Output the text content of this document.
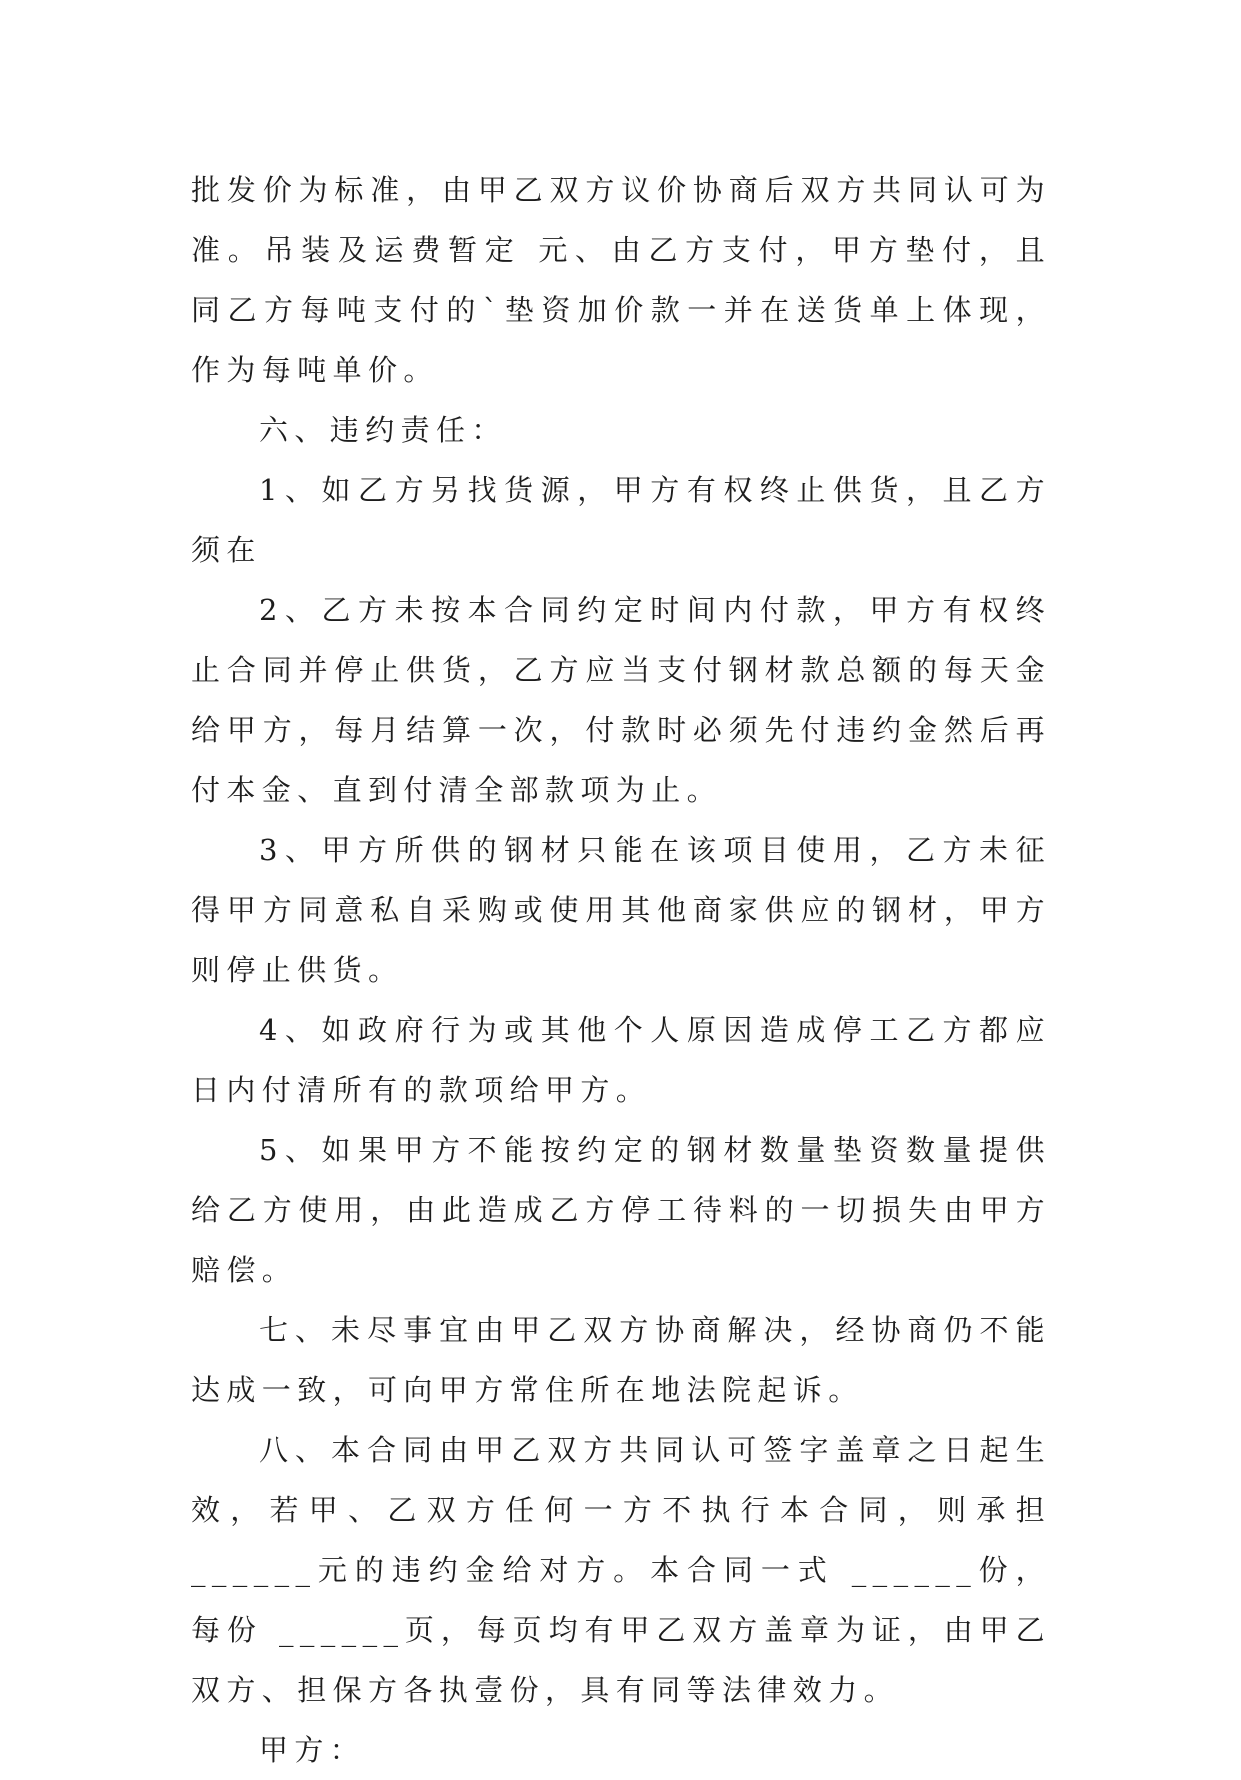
批发价为标准，由甲乙双方议价协商后双方共同认可为准。吊装及运费暂定 元、由乙方支付，甲方垫付，且同乙方每吨支付的`垫资加价款一并在送货单上体现，作为每吨单价。

六、违约责任：

1、如乙方另找货源，甲方有权终止供货，且乙方须在

2、乙方未按本合同约定时间内付款，甲方有权终止合同并停止供货，乙方应当支付钢材款总额的每天金给甲方，每月结算一次，付款时必须先付违约金然后再付本金、直到付清全部款项为止。

3、甲方所供的钢材只能在该项目使用，乙方未征得甲方同意私自采购或使用其他商家供应的钢材，甲方则停止供货。

4、如政府行为或其他个人原因造成停工乙方都应日内付清所有的款项给甲方。

5、如果甲方不能按约定的钢材数量垫资数量提供给乙方使用，由此造成乙方停工待料的一切损失由甲方赔偿。

七、未尽事宜由甲乙双方协商解决，经协商仍不能达成一致，可向甲方常住所在地法院起诉。

八、本合同由甲乙双方共同认可签字盖章之日起生效，若甲、乙双方任何一方不执行本合同，则承担 ______元的违约金给对方。本合同一式 ______份，每份 ______页，每页均有甲乙双方盖章为证，由甲乙双方、担保方各执壹份，具有同等法律效力。

甲方：
